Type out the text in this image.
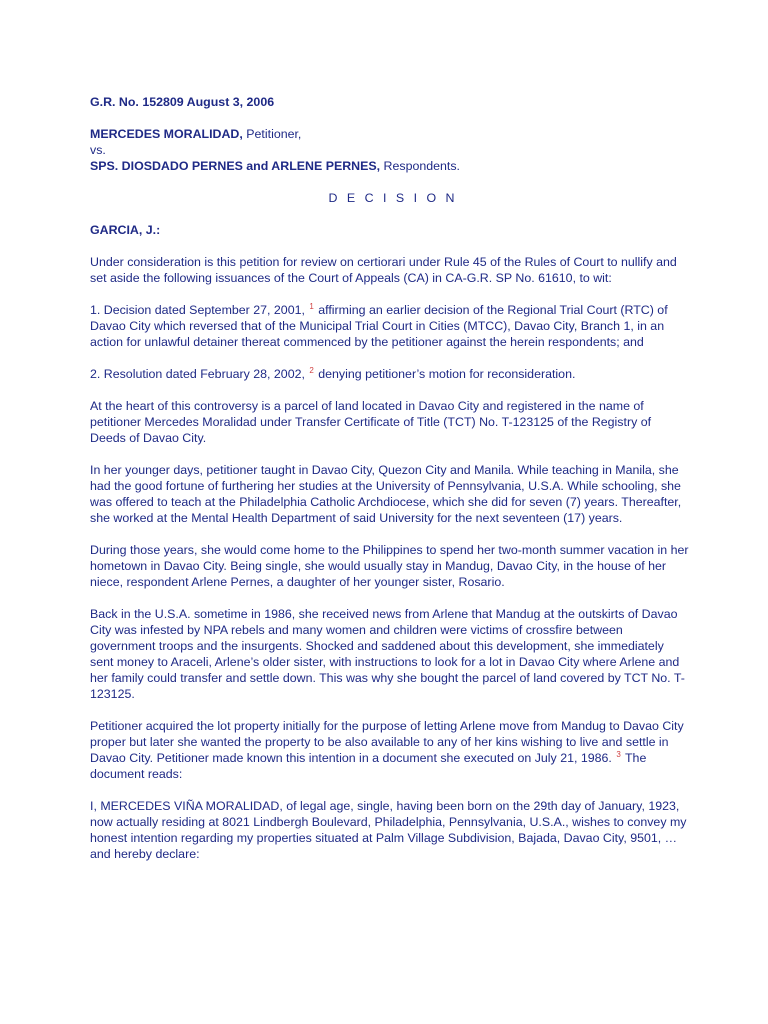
G.R. No. 152809 August 3, 2006
MERCEDES MORALIDAD, Petitioner,
vs.
SPS. DIOSDADO PERNES and ARLENE PERNES, Respondents.
D E C I S I O N
GARCIA, J.:

Under consideration is this petition for review on certiorari under Rule 45 of the Rules of Court to nullify and set aside the following issuances of the Court of Appeals (CA) in CA-G.R. SP No. 61610, to wit:

1. Decision dated September 27, 2001, $^1$ affirming an earlier decision of the Regional Trial Court (RTC) of Davao City which reversed that of the Municipal Trial Court in Cities (MTCC), Davao City, Branch 1, in an action for unlawful detainer thereat commenced by the petitioner against the herein respondents; and

2. Resolution dated February 28, 2002, $^2$ denying petitioner’s motion for reconsideration.

At the heart of this controversy is a parcel of land located in Davao City and registered in the name of petitioner Mercedes Moralidad under Transfer Certificate of Title (TCT) No. T-123125 of the Registry of Deeds of Davao City.

In her younger days, petitioner taught in Davao City, Quezon City and Manila. While teaching in Manila, she had the good fortune of furthering her studies at the University of Pennsylvania, U.S.A. While schooling, she was offered to teach at the Philadelphia Catholic Archdiocese, which she did for seven (7) years. Thereafter, she worked at the Mental Health Department of said University for the next seventeen (17) years.

During those years, she would come home to the Philippines to spend her two-month summer vacation in her hometown in Davao City. Being single, she would usually stay in Mandug, Davao City, in the house of her niece, respondent Arlene Pernes, a daughter of her younger sister, Rosario.

Back in the U.S.A. sometime in 1986, she received news from Arlene that Mandug at the outskirts of Davao City was infested by NPA rebels and many women and children were victims of crossfire between government troops and the insurgents. Shocked and saddened about this development, she immediately sent money to Araceli, Arlene’s older sister, with instructions to look for a lot in Davao City where Arlene and her family could transfer and settle down. This was why she bought the parcel of land covered by TCT No. T-123125.

Petitioner acquired the lot property initially for the purpose of letting Arlene move from Mandug to Davao City proper but later she wanted the property to be also available to any of her kins wishing to live and settle in Davao City. Petitioner made known this intention in a document she executed on July 21, 1986. $^3$ The document reads:

I, MERCEDES VIÑA MORALIDAD, of legal age, single, having been born on the 29th day of January, 1923, now actually residing at 8021 Lindbergh Boulevard, Philadelphia, Pennsylvania, U.S.A., wishes to convey my honest intention regarding my properties situated at Palm Village Subdivision, Bajada, Davao City, 9501, … and hereby declare:
